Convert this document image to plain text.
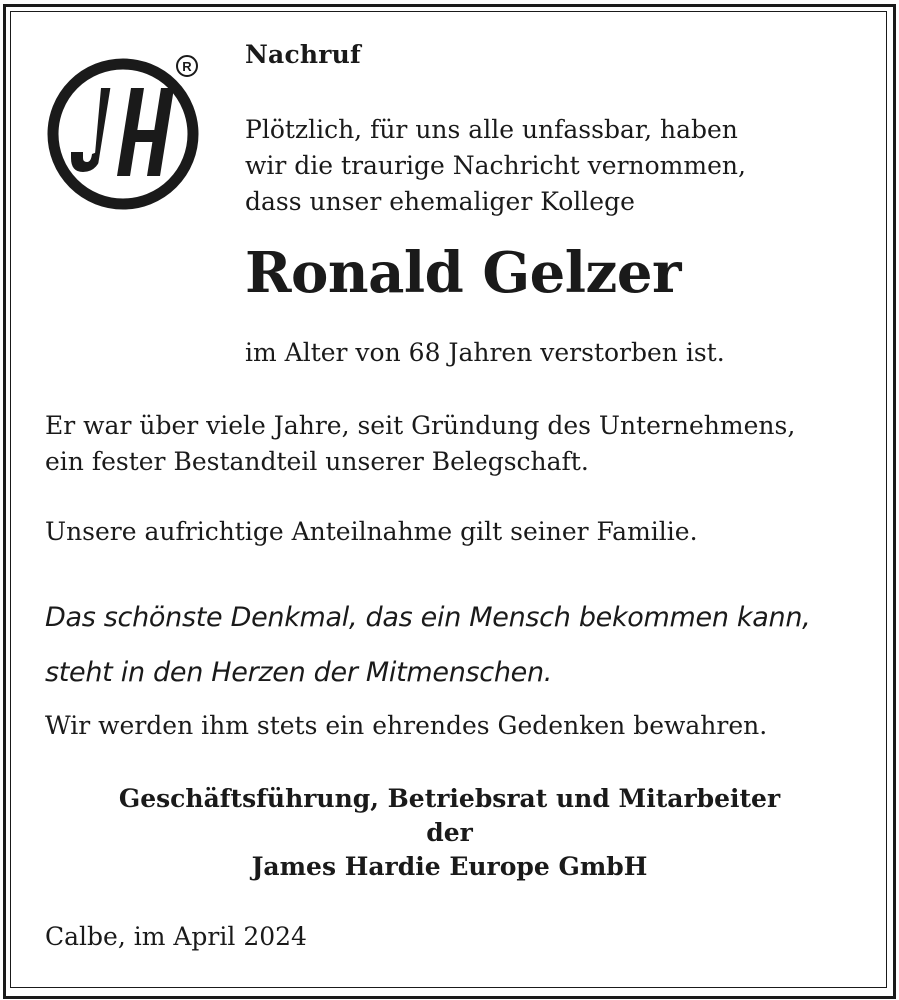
R Nachruf

Plötzlich, für uns alle unfassbar, haben
wir die traurige Nachricht vernommen,
dass unser ehemaliger Kollege

Ronald Gelzer

im Alter von 68 Jahren verstorben ist.

Er war über viele Jahre, seit Gründung des Unternehmens,
ein fester Bestandteil unserer Belegschaft.

Unsere aufrichtige Anteilnahme gilt seiner Familie.

Das schönste Denkmal, das ein Mensch bekommen kann,
steht in den Herzen der Mitmenschen.

Wir werden ihm stets ein ehrendes Gedenken bewahren.

Geschäftsführung, Betriebsrat und Mitarbeiter
der
James Hardie Europe GmbH

Calbe, im April 2024
